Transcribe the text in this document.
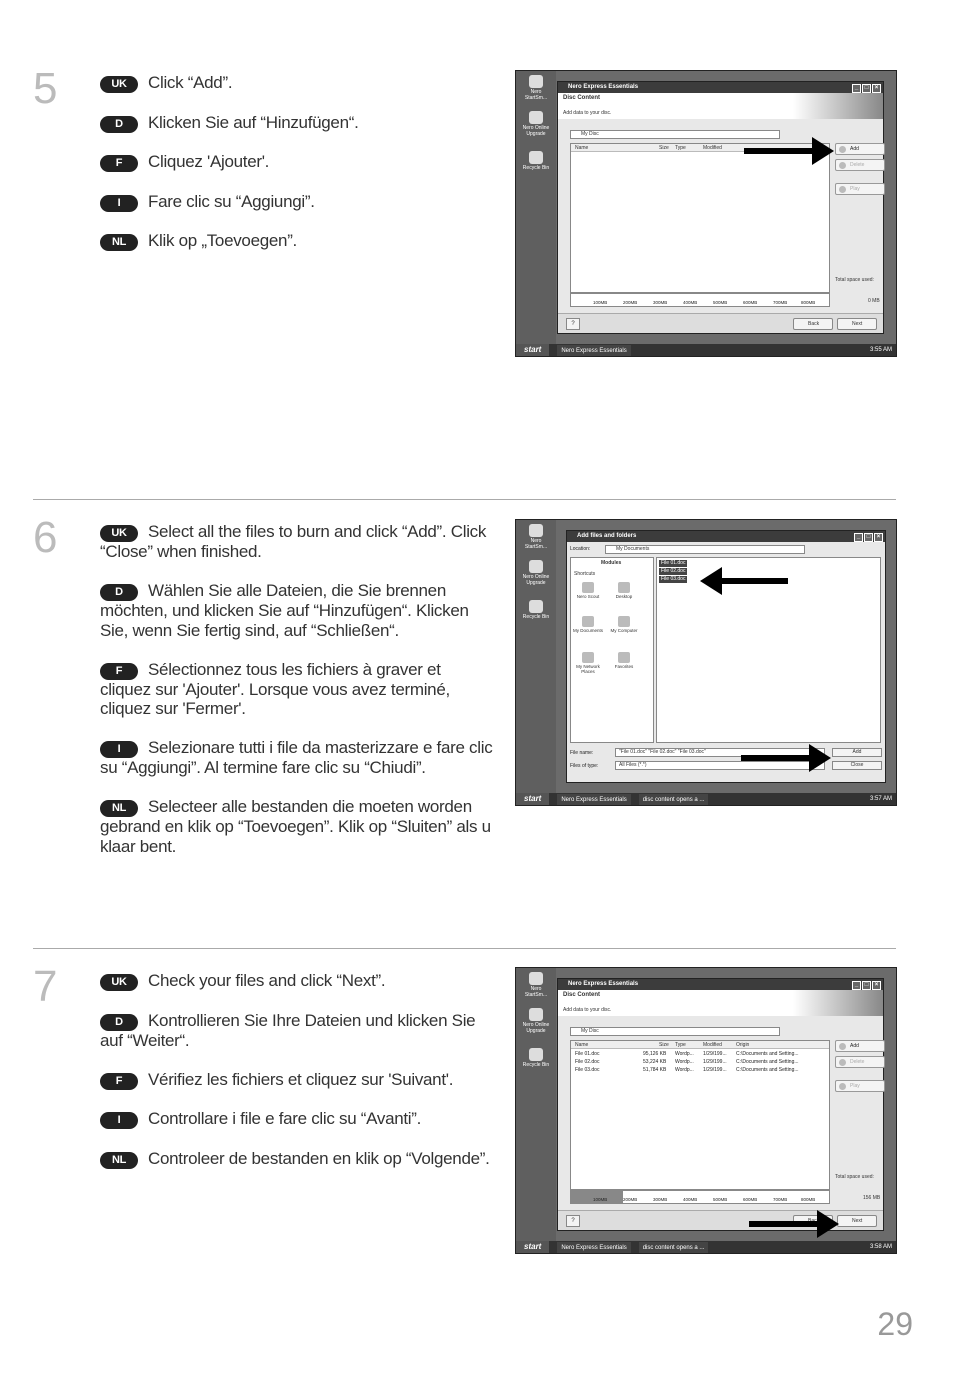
5	UK Click “Add”.
D Klicken Sie auf “Hinzufügen“.
F Cliquez 'Ajouter'.
I Fare clic su “Aggiungi”.
NL Klik op „Toevoegen”.
Nero StartSm...
Nero Online Upgrade
Recycle Bin
Nero Express Essentials	_ □ ×
Disc Content
Add data to your disc.
My Disc
Name	Size Type	Modified	Add
Delete
Play
Total space used:
0 MB
100MB	200MB	300MB	400MB	500MB	600MB	700MB	800MB
?	Back	Next
start	Nero Express Essentials	3:55 AM
6	UK Select all the files to burn and click “Add”. Click “Close” when finished.
D Wählen Sie alle Dateien, die Sie brennen möchten, und klicken Sie auf “Hinzufügen“. Klicken Sie, wenn Sie fertig sind, auf “Schließen“.
F Sélectionnez tous les fichiers à graver et cliquez sur 'Ajouter'. Lorsque vous avez terminé, cliquez sur 'Fermer'.
I Selezionare tutti i file da masterizzare e fare clic su “Aggiungi”. Al termine fare clic su “Chiudi”.
NL Selecteer alle bestanden die moeten worden gebrand en klik op “Toevoegen”. Klik op “Sluiten” als u klaar bent.
Nero StartSm...
Nero Online Upgrade
Recycle Bin
Add files and folders	_ □ ×
Location:	My Documents
Modules
Shortcuts
Nero Scout	Desktop
My Documents	My Computer
My Network Places
Favorites
File 01.doc
File 02.doc
File 03.doc
File name:	"File 01.doc" "File 02.doc" "File 03.doc"	Add
Files of type:	All Files (*.*)	Close
start	Nero Express Essentials	disc content opens a ...	3:57 AM
7	UK Check your files and click “Next”.
D Kontrollieren Sie Ihre Dateien und klicken Sie auf “Weiter“.
F Vérifiez les fichiers et cliquez sur 'Suivant'.
I Controllare i file e fare clic su “Avanti”.
NL Controleer de bestanden en klik op “Volgende”.
Nero StartSm...
Nero Online Upgrade
Recycle Bin
Nero Express Essentials	_ □ ×
Disc Content
Add data to your disc.
My Disc
Name	Size Type	Modified	Origin
File 01.doc	95,126 KB Wordp... 1/29/199... C:\Documents and Setting...
File 02.doc	53,224 KB Wordp... 1/29/199... C:\Documents and Setting...
File 03.doc	51,784 KB Wordp... 1/29/199... C:\Documents and Setting...
Add
Delete
Play
Total space used:
156 MB
100MB	200MB	300MB	400MB	500MB	600MB	700MB	800MB
?	Next
start	Nero Express Essentials	disc content opens a ...	3:58 AM
29
